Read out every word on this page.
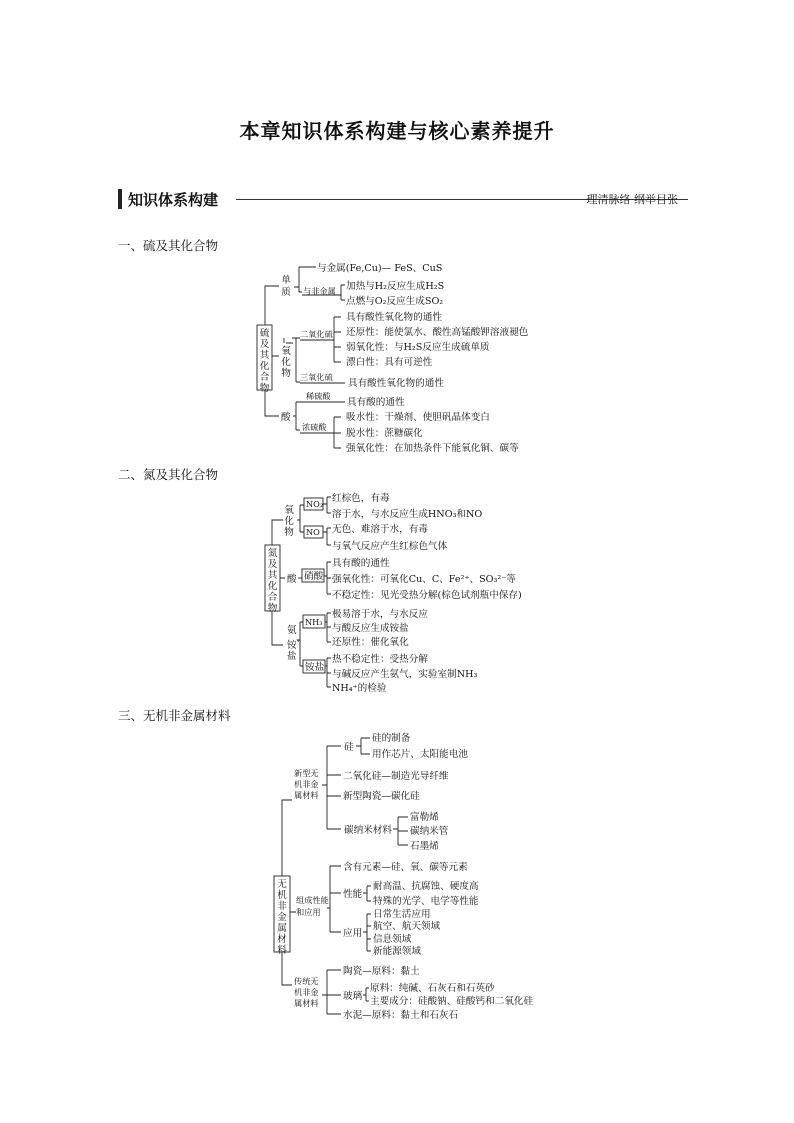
本章知识体系构建与核心素养提升
知识体系构建	理清脉络 纲举目张
一、硫及其化合物
二、氮及其化合物
三、无机非金属材料
硫
及
其
化
合
物
单
质
与金属(Fe,Cu)— FeS、CuS
与非金属 加热与H₂反应生成H₂S
点燃与O₂反应生成SO₂
氧
化
物
二氧化硫
具有酸性氧化物的通性
还原性：能使氯水、酸性高锰酸钾溶液褪色
弱氧化性：与H₂S反应生成硫单质
漂白性：具有可逆性
三氧化硫
具有酸性氧化物的通性
酸
稀硫酸
具有酸的通性
浓硫酸
吸水性：干燥剂、使胆矾晶体变白
脱水性：蔗糖碳化
强氧化性：在加热条件下能氧化铜、碳等
氮
及
其
化
合
物
氧
化
物
NO₂ 红棕色，有毒
溶于水，与水反应生成HNO₃和NO
NO 无色、难溶于水，有毒
与氧气反应产生红棕色气体
酸 硝酸
具有酸的通性
强氧化性：可氧化Cu、C、Fe²⁺、SO₃²⁻等
不稳定性：见光受热分解(棕色试剂瓶中保存)
氨
、
铵
盐
NH₃
极易溶于水，与水反应
与酸反应生成铵盐
还原性：催化氧化
铵盐
热不稳定性：受热分解
与碱反应产生氨气，实验室制NH₃
NH₄⁺的检验
无
机
非
金
属
材
料
新型无
机非金
属材料
硅
硅的制备
用作芯片、太阳能电池
二氧化硅—制造光导纤维
新型陶瓷—碳化硅
碳纳米材料
富勒烯
碳纳米管
石墨烯
组成性能
和应用
含有元素—硅、氧、碳等元素
性能
耐高温、抗腐蚀、硬度高
特殊的光学、电学等性能
应用
日常生活应用
航空、航天领域
信息领域
新能源领域
传统无
机非金
属材料
陶瓷—原料：黏土
玻璃
原料：纯碱、石灰石和石英砂
主要成分：硅酸钠、硅酸钙和二氧化硅
水泥—原料：黏土和石灰石
